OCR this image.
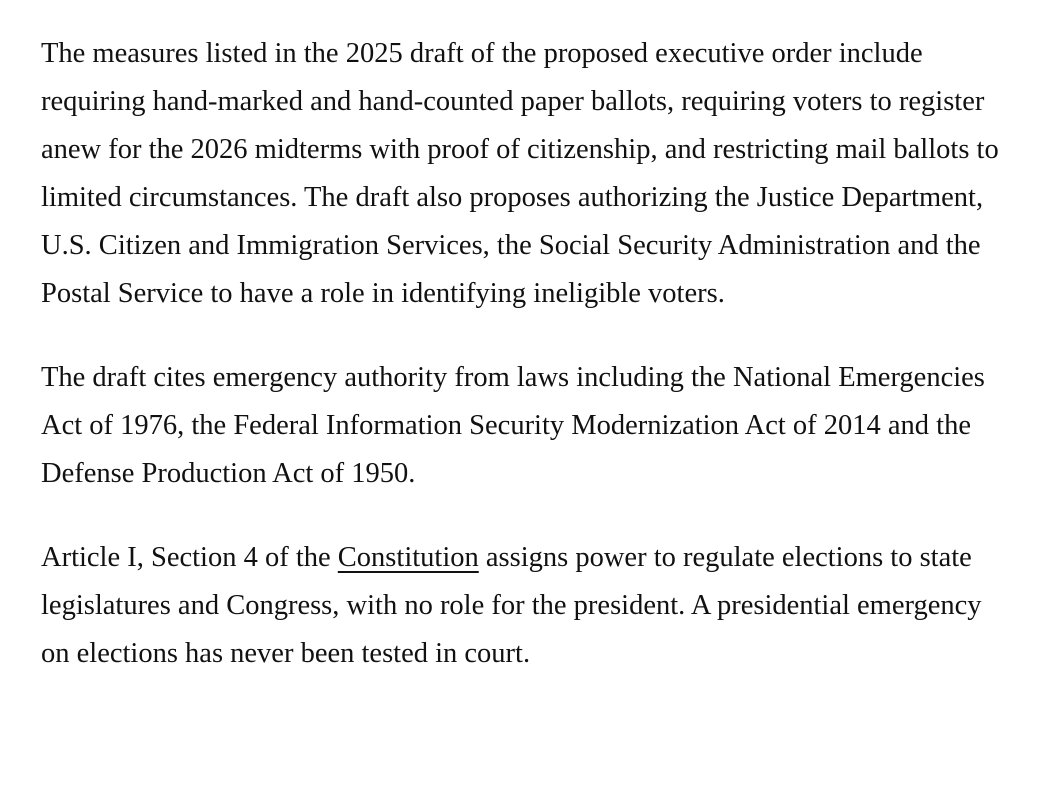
The measures listed in the 2025 draft of the proposed executive order include requiring hand-marked and hand-counted paper ballots, requiring voters to register anew for the 2026 midterms with proof of citizenship, and restricting mail ballots to limited circumstances. The draft also proposes authorizing the Justice Department, U.S. Citizen and Immigration Services, the Social Security Administration and the Postal Service to have a role in identifying ineligible voters.

The draft cites emergency authority from laws including the National Emergencies Act of 1976, the Federal Information Security Modernization Act of 2014 and the Defense Production Act of 1950.

Article I, Section 4 of the Constitution assigns power to regulate elections to state legislatures and Congress, with no role for the president. A presidential emergency on elections has never been tested in court.
